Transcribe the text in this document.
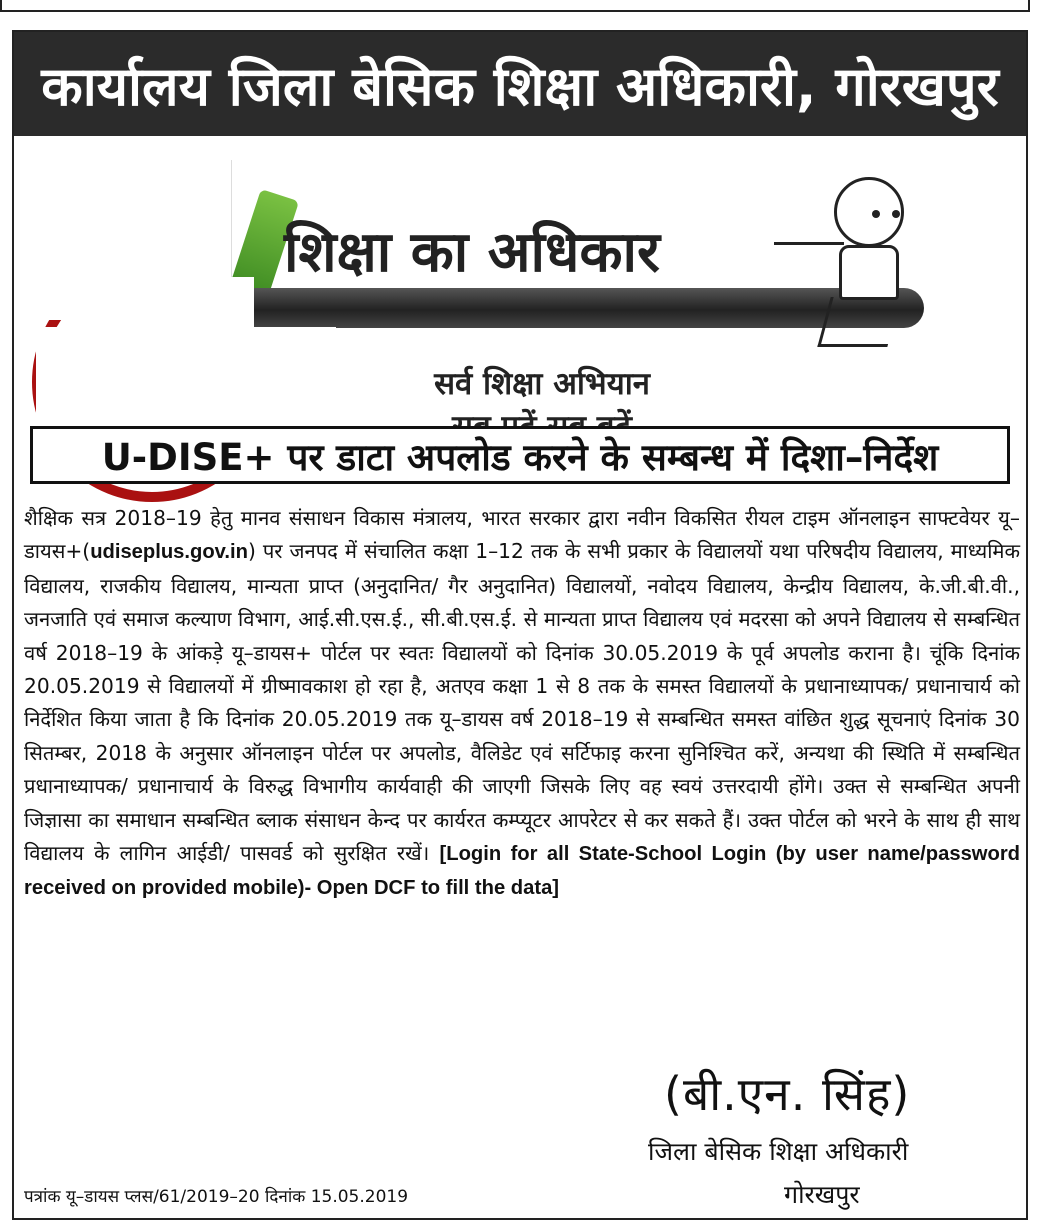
कार्यालय जिला बेसिक शिक्षा अधिकारी, गोरखपुर
शिक्षा का अधिकार
सर्व शिक्षा अभियान
U-DISE+ पर डाटा अपलोड करने के सम्बन्ध में दिशा–निर्देश
शैक्षिक सत्र 2018–19 हेतु मानव संसाधन विकास मंत्रालय, भारत सरकार द्वारा नवीन विकसित रीयल टाइम ऑनलाइन साफ्टवेयर यू–डायस+(udiseplus.gov.in) पर जनपद में संचालित कक्षा 1–12 तक के सभी प्रकार के विद्यालयों यथा परिषदीय विद्यालय, माध्यमिक विद्यालय, राजकीय विद्यालय, मान्यता प्राप्त (अनुदानित/ गैर अनुदानित) विद्यालयों, नवोदय विद्यालय, केन्द्रीय विद्यालय, के.जी.बी.वी., जनजाति एवं समाज कल्याण विभाग, आई.सी.एस.ई., सी.बी.एस.ई. से मान्यता प्राप्त विद्यालय एवं मदरसा को अपने विद्यालय से सम्बन्धित वर्ष 2018–19 के आंकड़े यू–डायस+ पोर्टल पर स्वतः विद्यालयों को दिनांक 30.05.2019 के पूर्व अपलोड कराना है। चूंकि दिनांक 20.05.2019 से विद्यालयों में ग्रीष्मावकाश हो रहा है, अतएव कक्षा 1 से 8 तक के समस्त विद्यालयों के प्रधानाध्यापक/ प्रधानाचार्य को निर्देशित किया जाता है कि दिनांक 20.05.2019 तक यू–डायस वर्ष 2018–19 से सम्बन्धित समस्त वांछित शुद्ध सूचनाएं दिनांक 30 सितम्बर, 2018 के अनुसार ऑनलाइन पोर्टल पर अपलोड, वैलिडेट एवं सर्टिफाइ करना सुनिश्चित करें, अन्यथा की स्थिति में सम्बन्धित प्रधानाध्यापक/ प्रधानाचार्य के विरुद्ध विभागीय कार्यवाही की जाएगी जिसके लिए वह स्वयं उत्तरदायी होंगे। उक्त से सम्बन्धित अपनी जिज्ञासा का समाधान सम्बन्धित ब्लाक संसाधन केन्द पर कार्यरत कम्प्यूटर आपरेटर से कर सकते हैं। उक्त पोर्टल को भरने के साथ ही साथ विद्यालय के लागिन आईडी/ पासवर्ड को सुरक्षित रखें। [Login for all State-School Login (by user name/password received on provided mobile)- Open DCF to fill the data]
(बी.एन. सिंह)
जिला बेसिक शिक्षा अधिकारी
गोरखपुर
पत्रांक यू–डायस प्लस/61/2019–20 दिनांक 15.05.2019
